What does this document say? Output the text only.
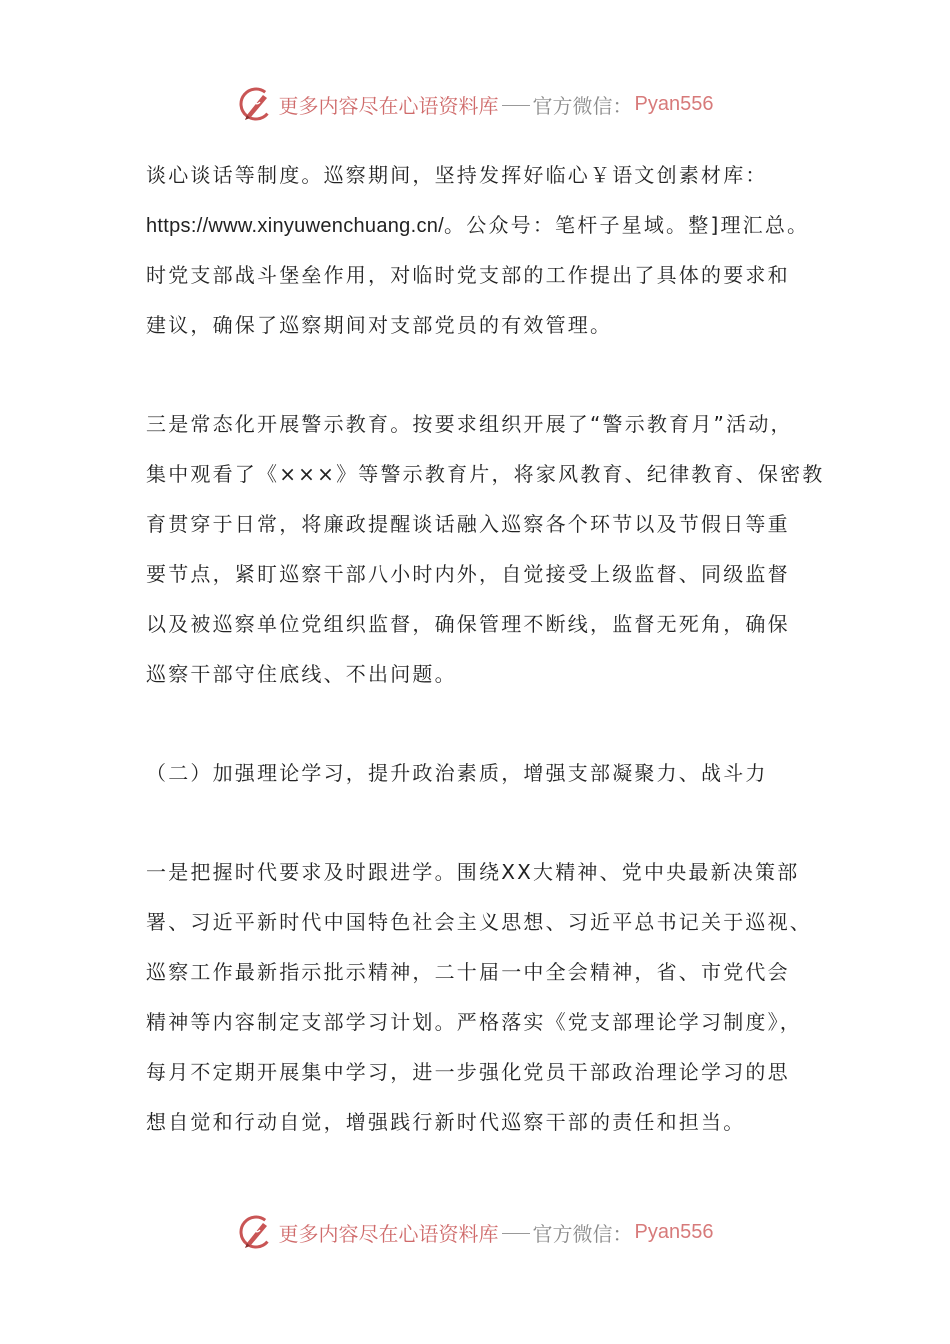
更多内容尽在心语资料库 官方微信： Pyan556
谈心谈话等制度。巡察期间，坚持发挥好临心￥语文创素材库：
https://www.xinyuwenchuang.cn/。公众号：笔杆子星域。整]理汇总。
时党支部战斗堡垒作用，对临时党支部的工作提出了具体的要求和
建议，确保了巡察期间对支部党员的有效管理。
三是常态化开展警示教育。按要求组织开展了“警示教育月”活动，
集中观看了《×××》等警示教育片，将家风教育、纪律教育、保密教
育贯穿于日常，将廉政提醒谈话融入巡察各个环节以及节假日等重
要节点，紧盯巡察干部八小时内外，自觉接受上级监督、同级监督
以及被巡察单位党组织监督，确保管理不断线，监督无死角，确保
巡察干部守住底线、不出问题。
（二）加强理论学习，提升政治素质，增强支部凝聚力、战斗力
一是把握时代要求及时跟进学。围绕XX大精神、党中央最新决策部
署、习近平新时代中国特色社会主义思想、习近平总书记关于巡视、
巡察工作最新指示批示精神，二十届一中全会精神，省、市党代会
精神等内容制定支部学习计划。严格落实《党支部理论学习制度》，
每月不定期开展集中学习，进一步强化党员干部政治理论学习的思
想自觉和行动自觉，增强践行新时代巡察干部的责任和担当。
更多内容尽在心语资料库 官方微信： Pyan556
